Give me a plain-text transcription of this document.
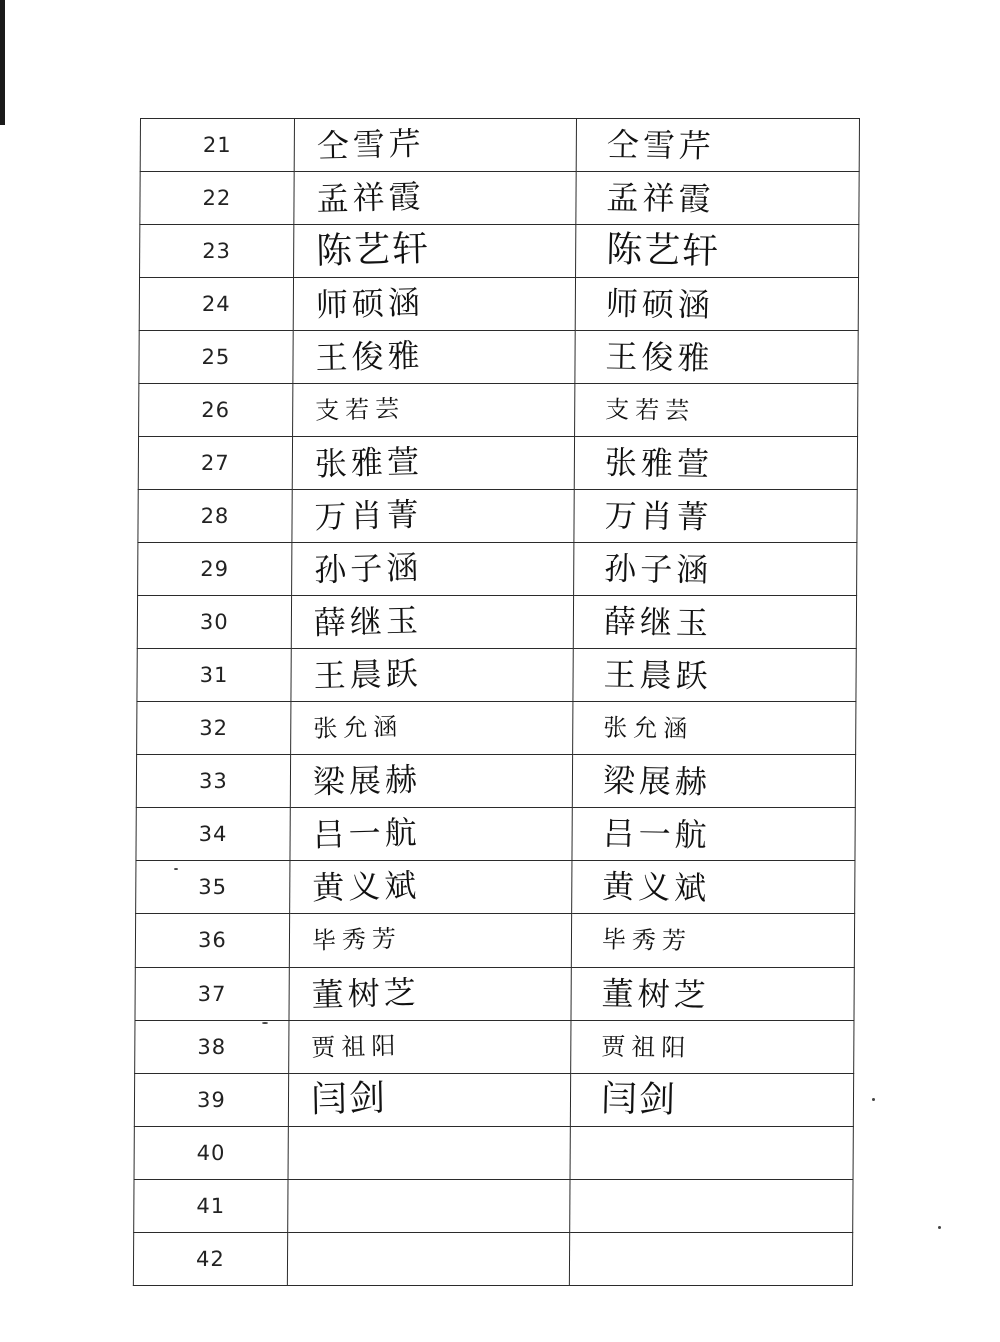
21	仝雪芹	仝雪芹
22	孟祥霞	孟祥霞
23	陈艺轩	陈艺轩
24	师硕涵	师硕涵
25	王俊雅	王俊雅
26	支若芸	支若芸
27	张雅萱	张雅萱
28	万肖菁	万肖菁
29	孙子涵	孙子涵
30	薛继玉	薛继玉
31	王晨跃	王晨跃
32	张允涵	张允涵
33	梁展赫	梁展赫
34	吕一航	吕一航
35	黄义斌	黄义斌
36	毕秀芳	毕秀芳
37	董树芝	董树芝
38	贾祖阳	贾祖阳
39	闫剑	闫剑
40		
41		
42		
